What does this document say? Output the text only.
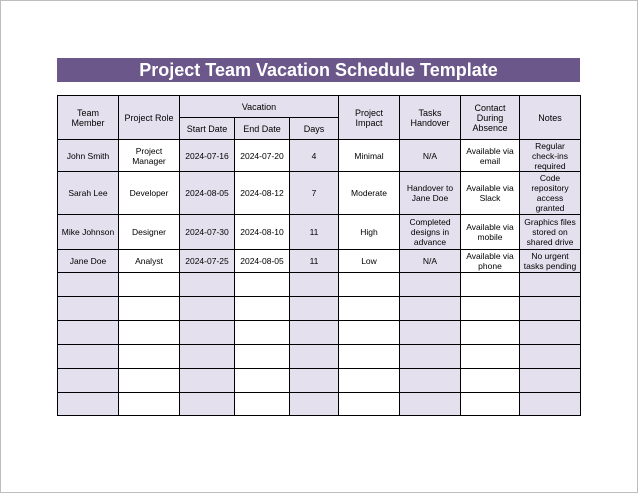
Project Team Vacation Schedule Template
Team Member	Project Role	Vacation			Project Impact	Tasks Handover	Contact During Absence	Notes
		Start Date	End Date	Days				
John Smith	Project Manager	2024-07-16	2024-07-20	4	Minimal	N/A	Available via email	Regular check-ins required
Sarah Lee	Developer	2024-08-05	2024-08-12	7	Moderate	Handover to Jane Doe	Available via Slack	Code repository access granted
Mike Johnson	Designer	2024-07-30	2024-08-10	11	High	Completed designs in advance	Available via mobile	Graphics files stored on shared drive
Jane Doe	Analyst	2024-07-25	2024-08-05	11	Low	N/A	Available via phone	No urgent tasks pending
